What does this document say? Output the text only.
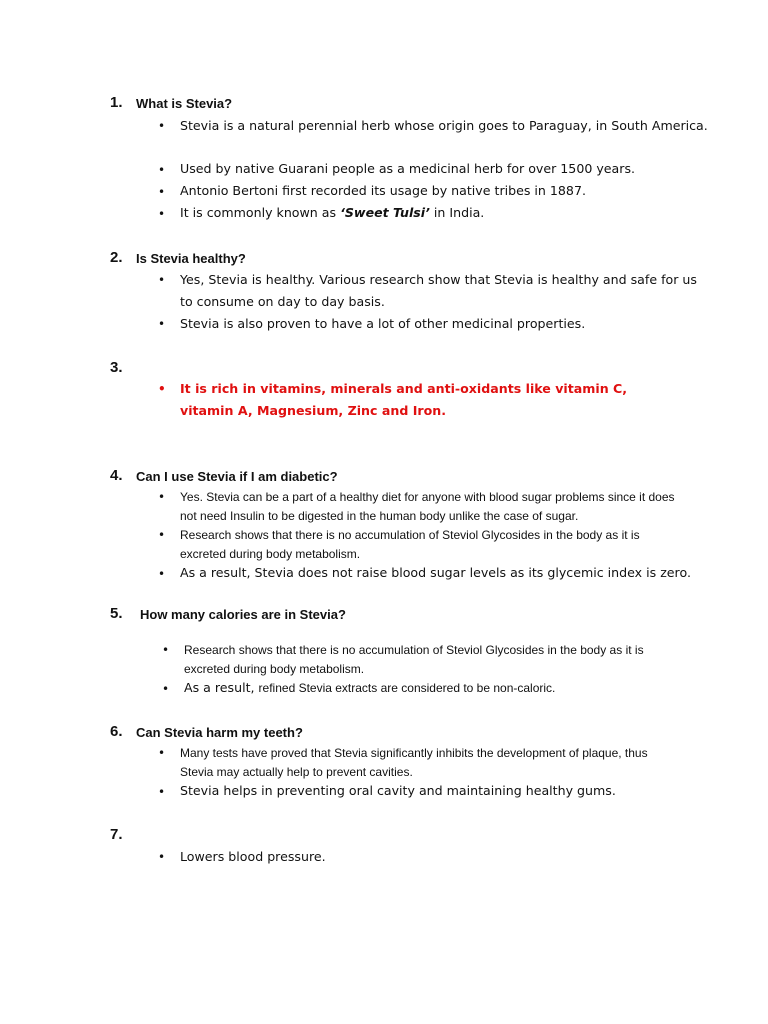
1. What is Stevia?
• Stevia is a natural perennial herb whose origin goes to Paraguay, in South America.
• Used by native Guarani people as a medicinal herb for over 1500 years.
• Antonio Bertoni first recorded its usage by native tribes in 1887.
• It is commonly known as ‘Sweet Tulsi’ in India.
2. Is Stevia healthy?
• Yes, Stevia is healthy. Various research show that Stevia is healthy and safe for us to consume on day to day basis.
• Stevia is also proven to have a lot of other medicinal properties.
3.
• It is rich in vitamins, minerals and anti-oxidants like vitamin C, vitamin A, Magnesium, Zinc and Iron.
4. Can I use Stevia if I am diabetic?
• Yes. Stevia can be a part of a healthy diet for anyone with blood sugar problems since it does not need Insulin to be digested in the human body unlike the case of sugar.
• Research shows that there is no accumulation of Steviol Glycosides in the body as it is excreted during body metabolism.
• As a result, Stevia does not raise blood sugar levels as its glycemic index is zero.
5. How many calories are in Stevia?
• Research shows that there is no accumulation of Steviol Glycosides in the body as it is excreted during body metabolism.
• As a result, refined Stevia extracts are considered to be non-caloric.
6. Can Stevia harm my teeth?
• Many tests have proved that Stevia significantly inhibits the development of plaque, thus Stevia may actually help to prevent cavities.
• Stevia helps in preventing oral cavity and maintaining healthy gums.
7.
• Lowers blood pressure.
